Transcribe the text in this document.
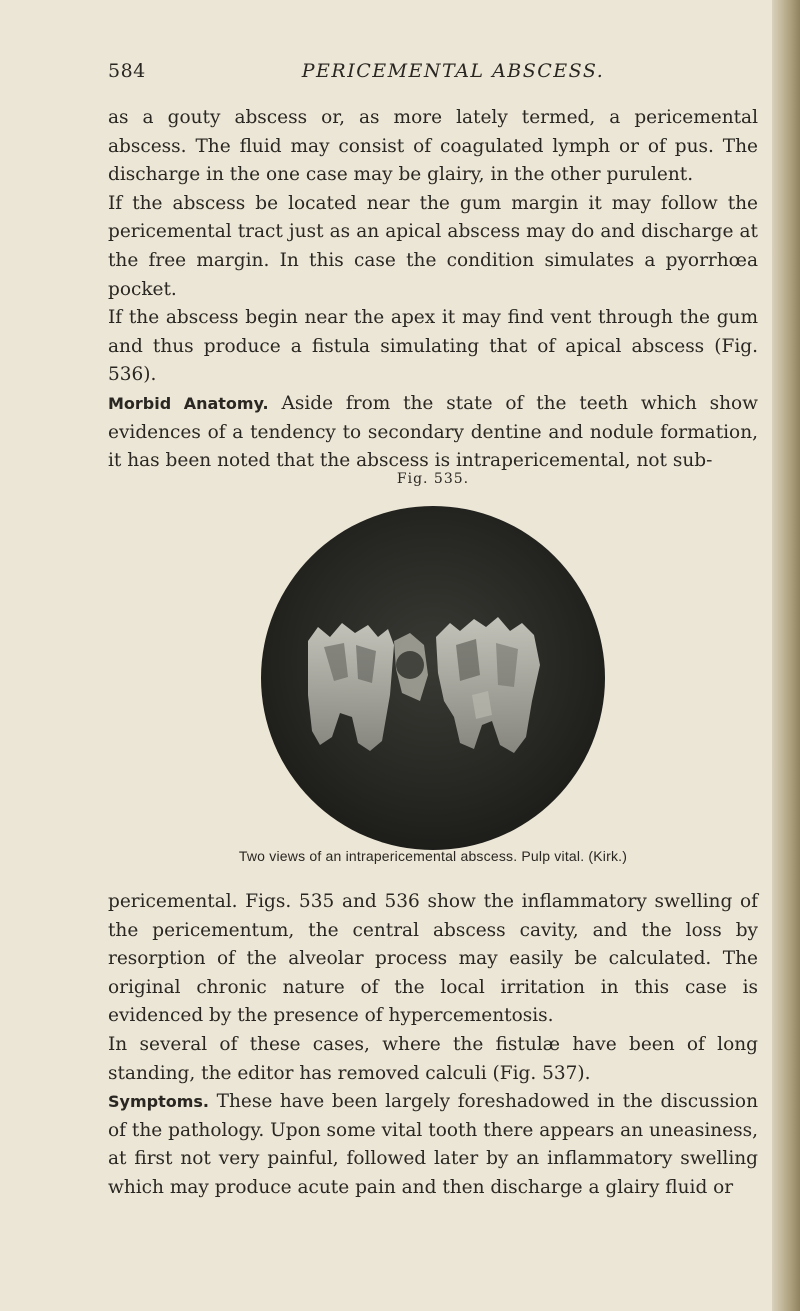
584	PERICEMENTAL ABSCESS.

as a gouty abscess or, as more lately termed, a pericemental abscess. The fluid may consist of coagulated lymph or of pus. The discharge in the one case may be glairy, in the other purulent.

If the abscess be located near the gum margin it may follow the pericemental tract just as an apical abscess may do and discharge at the free margin. In this case the condition simulates a pyorrhœa pocket.

If the abscess begin near the apex it may find vent through the gum and thus produce a fistula simulating that of apical abscess (Fig. 536).

Morbid Anatomy. Aside from the state of the teeth which show evidences of a tendency to secondary dentine and nodule formation, it has been noted that the abscess is intrapericemental, not sub-

Fig. 535.
Two views of an intrapericemental abscess. Pulp vital. (Kirk.)

pericemental. Figs. 535 and 536 show the inflammatory swelling of the pericementum, the central abscess cavity, and the loss by resorption of the alveolar process may easily be calculated. The original chronic nature of the local irritation in this case is evidenced by the presence of hypercementosis.

In several of these cases, where the fistulæ have been of long standing, the editor has removed calculi (Fig. 537).

Symptoms. These have been largely foreshadowed in the discussion of the pathology. Upon some vital tooth there appears an uneasiness, at first not very painful, followed later by an inflammatory swelling which may produce acute pain and then discharge a glairy fluid or
